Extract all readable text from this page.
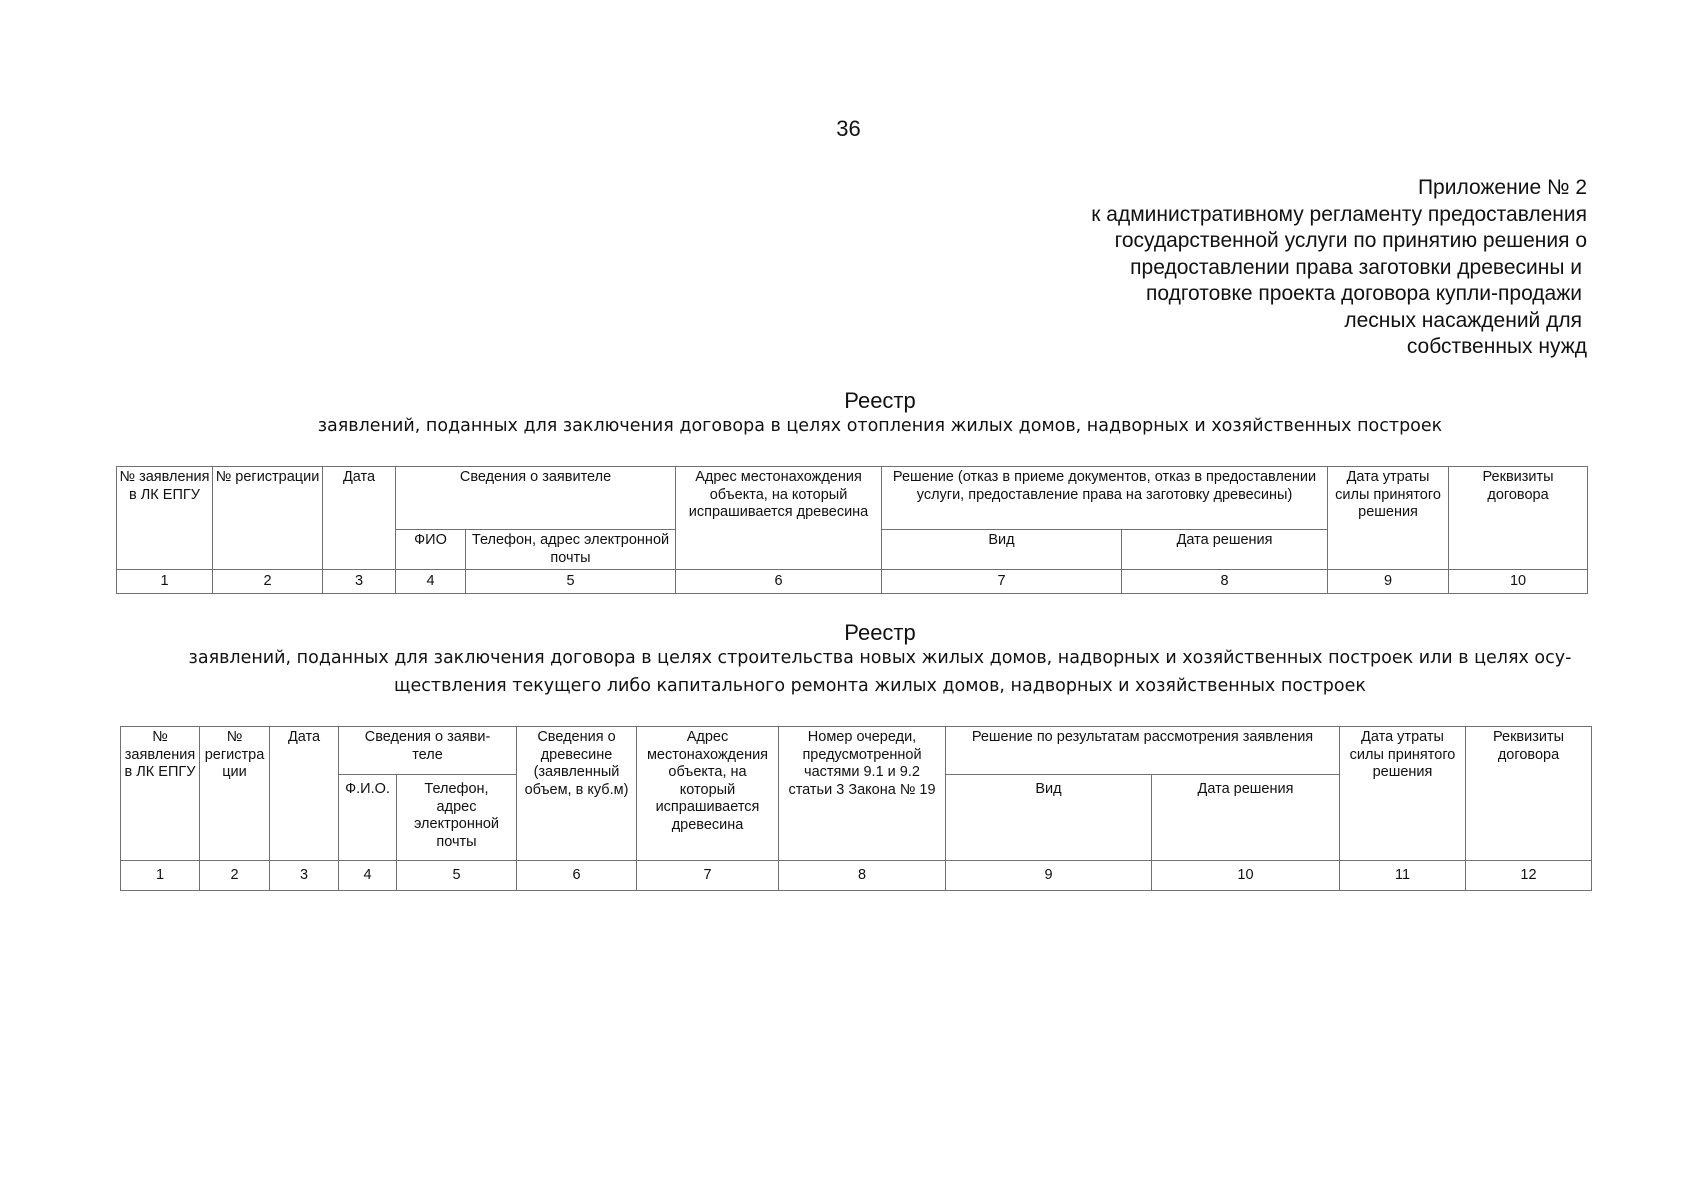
36
Приложение № 2
к административному регламенту предоставления
государственной услуги по принятию решения о
предоставлении права заготовки древесины и
подготовке проекта договора купли-продажи
лесных насаждений для
собственных нужд
Реестр
заявлений, поданных для заключения договора в целях отопления жилых домов, надворных и хозяйственных построек
№ заявления в ЛК ЕПГУ	№ регистрации	Дата	Сведения о заявителе		Адрес местонахождения объекта, на который испрашивается древесина	Решение (отказ в приеме документов, отказ в предоставлении услуги, предоставление права на заготовку древесины)		Дата утраты силы принятого решения	Реквизиты договора
			ФИО	Телефон, адрес электронной почты		Вид	Дата решения		
1	2	3	4	5	6	7	8	9	10
Реестр
заявлений, поданных для заключения договора в целях строительства новых жилых домов, надворных и хозяйственных построек или в целях осу-
ществления текущего либо капитального ремонта жилых домов, надворных и хозяйственных построек
№ заявления в ЛК ЕПГУ	№ регистрации	Дата	Сведения о заяви-теле		Сведения о древесине (заявленный объем, в куб.м)	Адрес местонахождения объекта, на который испрашивается древесина	Номер очереди, предусмотренной частями 9.1 и 9.2 статьи 3 Закона № 19	Решение по результатам рассмотрения заявления		Дата утраты силы принятого решения	Реквизиты договора
			Ф.И.О.	Телефон, адрес электронной почты				Вид	Дата решения		
1	2	3	4	5	6	7	8	9	10	11	12
